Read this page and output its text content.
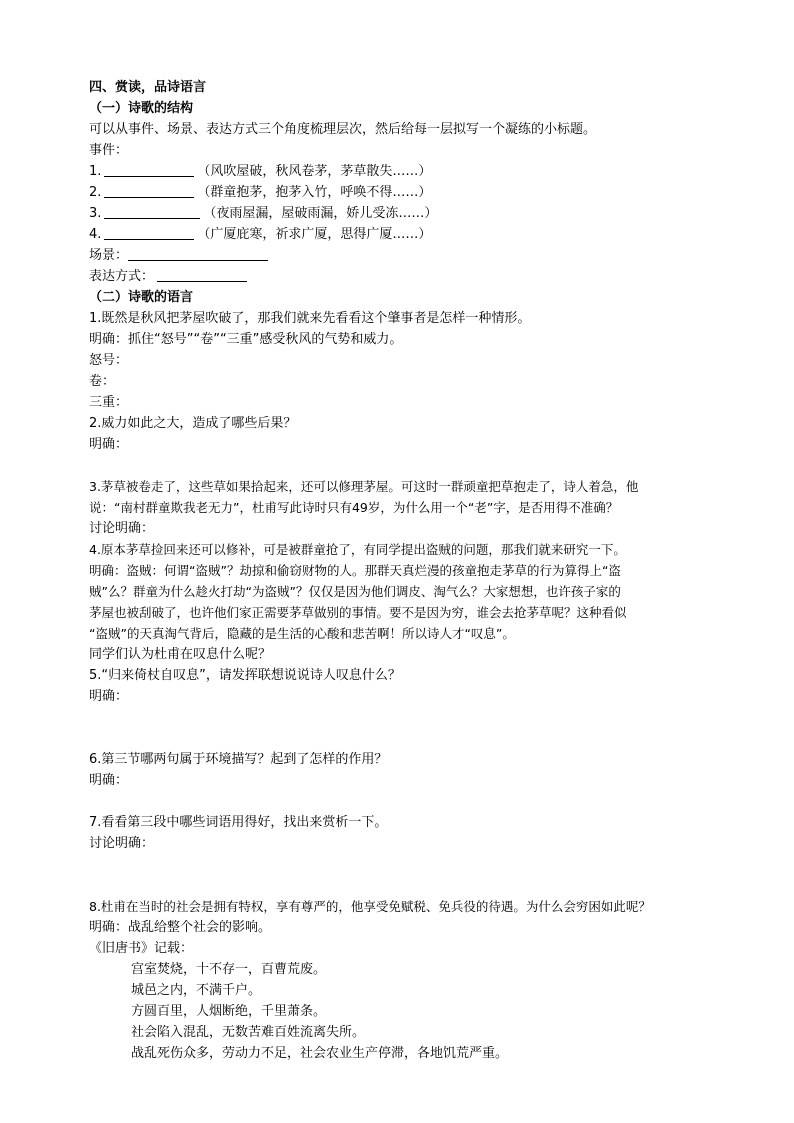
四、赏读，品诗语言
（一）诗歌的结构
可以从事件、场景、表达方式三个角度梳理层次，然后给每一层拟写一个凝练的小标题。
事件：
1.	（风吹屋破，秋风卷茅，茅草散失……）
2.	（群童抱茅，抱茅入竹，呼唤不得……）
3.	（夜雨屋漏，屋破雨漏，娇儿受冻……）
4.	（广厦庇寒，祈求广厦，思得广厦……）
场景：
表达方式：
（二）诗歌的语言
1.既然是秋风把茅屋吹破了，那我们就来先看看这个肇事者是怎样一种情形。
明确：抓住“怒号”“卷”“三重”感受秋风的气势和威力。
怒号：
卷：
三重：
2.威力如此之大，造成了哪些后果？
明确：
3.茅草被卷走了，这些草如果拾起来，还可以修理茅屋。可这时一群顽童把草抱走了，诗人着急，他
说：“南村群童欺我老无力”，杜甫写此诗时只有49岁，为什么用一个“老”字，是否用得不准确？
讨论明确：
4.原本茅草捡回来还可以修补，可是被群童抢了，有同学提出盗贼的问题，那我们就来研究一下。
明确：盗贼：何谓“盗贼”？劫掠和偷窃财物的人。那群天真烂漫的孩童抱走茅草的行为算得上“盗
贼”么？群童为什么趁火打劫“为盗贼”？仅仅是因为他们调皮、淘气么？大家想想，也许孩子家的
茅屋也被刮破了，也许他们家正需要茅草做别的事情。要不是因为穷，谁会去抢茅草呢？这种看似
“盗贼”的天真淘气背后，隐藏的是生活的心酸和悲苦啊！所以诗人才“叹息”。
同学们认为杜甫在叹息什么呢？
5.“归来倚杖自叹息”，请发挥联想说说诗人叹息什么？
明确：
6.第三节哪两句属于环境描写？起到了怎样的作用？
明确：
7.看看第三段中哪些词语用得好，找出来赏析一下。
讨论明确：
8.杜甫在当时的社会是拥有特权，享有尊严的，他享受免赋税、免兵役的待遇。为什么会穷困如此呢？
明确：战乱给整个社会的影响。
《旧唐书》记载：
宫室焚烧，十不存一，百曹荒废。
城邑之内，不满千户。
方圆百里，人烟断绝，千里萧条。
社会陷入混乱，无数苦难百姓流离失所。
战乱死伤众多，劳动力不足，社会农业生产停滞，各地饥荒严重。
